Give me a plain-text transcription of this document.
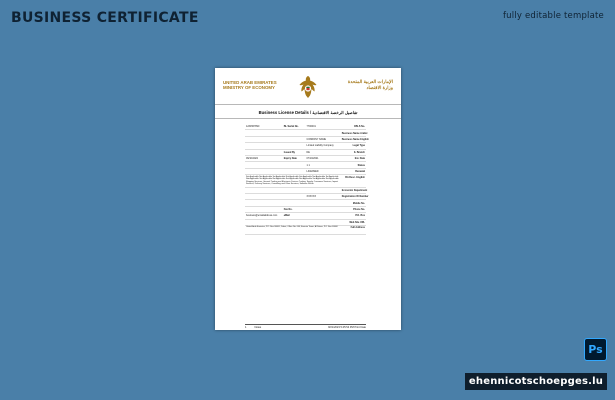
BUSINESS CERTIFICATE	fully editable template
UNITED ARAB EMIRATES
MINISTRY OF ECONOMY
الإمارات العربية المتحدة
وزارة الاقتصاد
Business License Details / تفاصيل الرخصة الاقتصادية
1234567890	BL Serial No.	7700001	CBLS No.
Business Name Arabic
COMPANY NAME	Business Name English
Limited Liability Company	Legal Type
Issued By	DE	IL Branch
09/10/2022	Expiry Date	07/10/2021	Est. Date
1 1	Status
LICENSED	Renewal
Set Applicable Not Applicable Set Applicable Not Applicable Set Applicable Not Applicable Set Applicable Not Applicable Set Applicable Not Applicable Set Applicable Not Applicable Set Applicable Not Applicable. Shipping Services, General Trading and Electronic Devices Trading, Supply, Consumer Services, Import Services, Delivery Services, Consulting and Other Services, Software Sector
BA Desc. English
Economic Department
XXXXXX	Registration ID Number
Mobile No.
Fax No.	Phone No.
business@emailaddress.com	eMail	P.O. Box
Web Site URL
United Arab Emirates, P.O. Box 00000, Dubai, Office No. 000, Emirate Tower, Al Satwa, P.O. Box 00000	Full Address
1	Notes	8/21/2023 5:45:54 PM Print Date
Ps
ehennicotschoepges.lu
